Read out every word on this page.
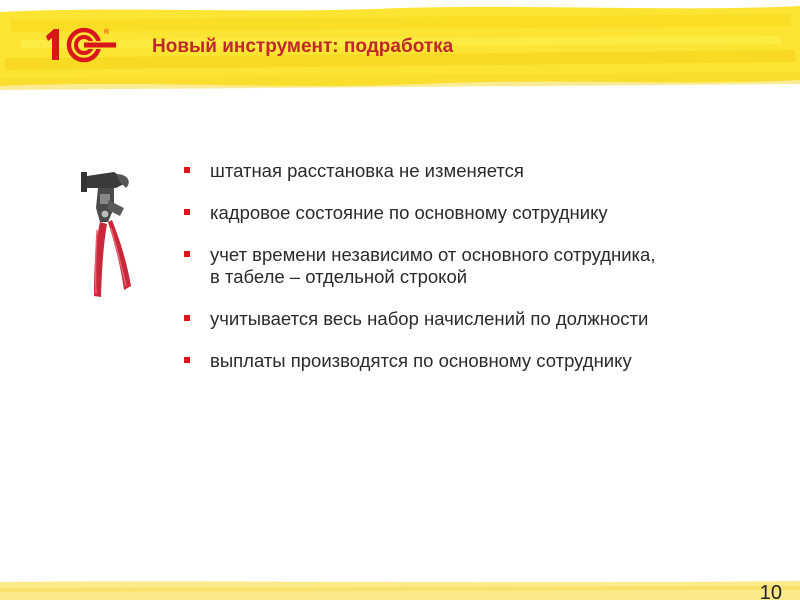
®
Новый инструмент: подработка
штатная расстановка не изменяется
кадровое состояние по основному сотруднику
учет времени независимо от основного сотрудника,
в табеле – отдельной строкой
учитывается весь набор начислений по должности
выплаты производятся по основному сотруднику
10
